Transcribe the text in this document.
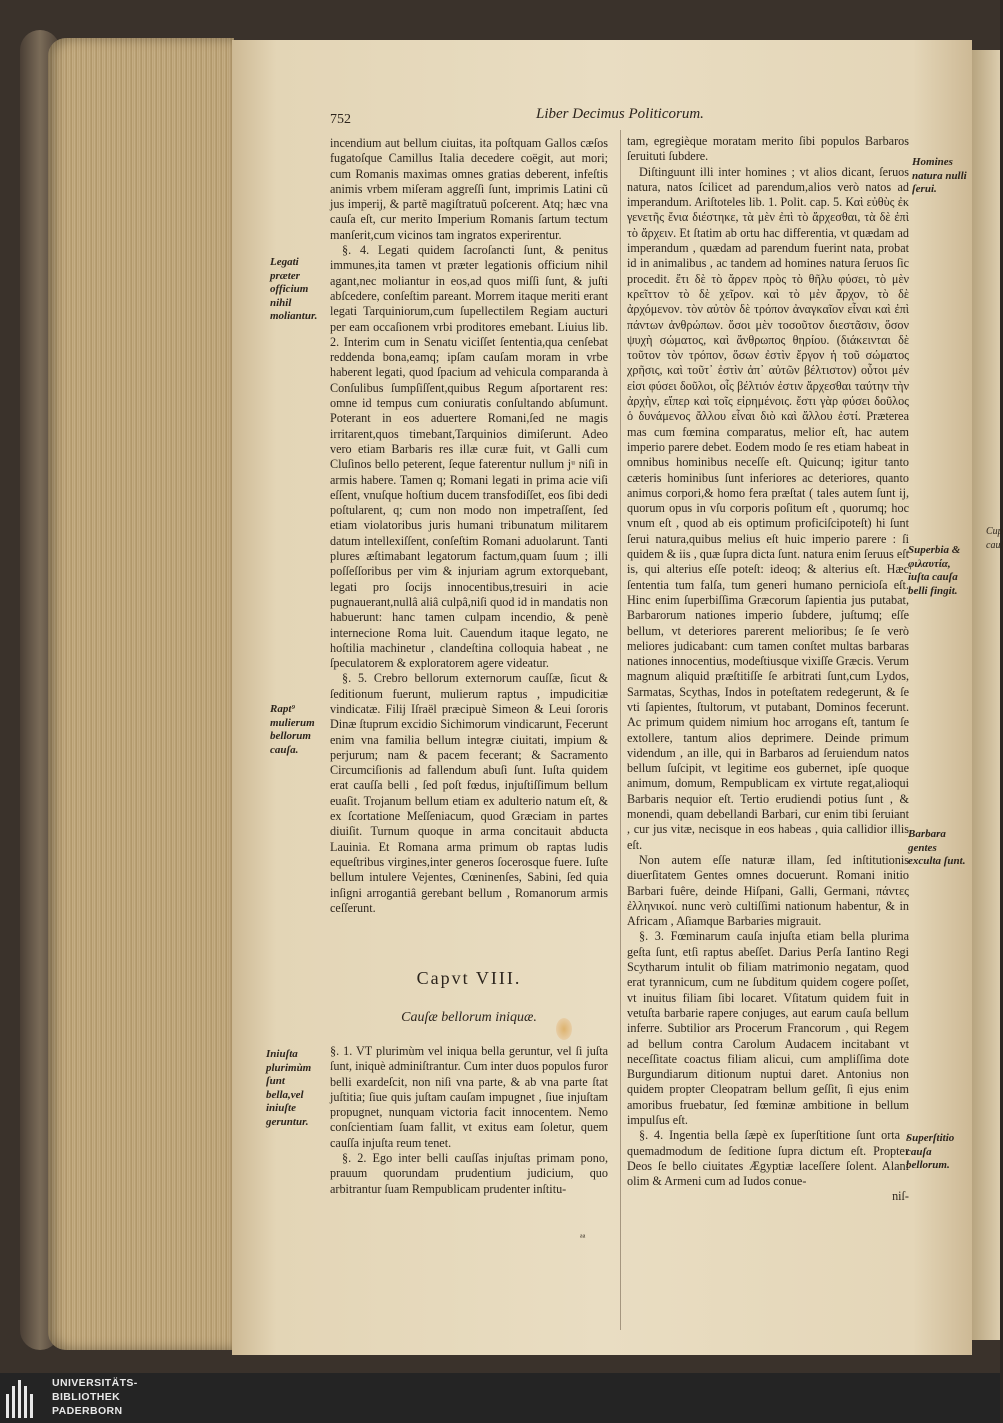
752	Liber Decimus Politicorum.

incendium aut bellum ciuitas, ita poſtquam Gallos cæſos fugatoſque Camillus Italia decedere coëgit, aut mori; cum Romanis maximas omnes gratias deberent, infeſtis animis vrbem miſeram aggreſſi ſunt, imprimis Latini cũ jus imperij, & partẽ magiſtratuũ poſcerent. Atq; hæc vna cauſa eſt, cur merito Imperium Romanis ſartum tectum manſerit,cum vicinos tam ingratos experirentur.

§. 4. Legati quidem ſacroſancti ſunt, & penitus immunes,ita tamen vt præter legationis officium nihil agant,nec moliantur in eos,ad quos miſſi ſunt, & juſti abſcedere, conſeſtim pareant. Morrem itaque meriti erant legati Tarquiniorum,cum ſupellectilem Regiam aucturi per eam occaſionem vrbi proditores emebant. Liuius lib. 2. Interim cum in Senatu viciſſet ſententia,qua cenſebat reddenda bona,eamq; ipſam cauſam moram in vrbe haberent legati, quod ſpacium ad vehicula comparanda à Conſulibus ſumpſiſſent,quibus Regum aſportarent res: omne id tempus cum coniuratis conſultando abſumunt. Poterant in eos aduertere Romani,ſed ne magis irritarent,quos timebant,Tarquinios dimiſerunt. Adeo vero etiam Barbaris res illæ curæ fuit, vt Galli cum Cluſinos bello peterent, ſeque faterentur nullum jᵘ niſi in armis habere. Tamen q; Romani legati in prima acie viſi eſſent, vnuſque hoſtium ducem transfodiſſet, eos ſibi dedi poſtularent, q; cum non modo non impetraſſent, ſed etiam violatoribus juris humani tribunatum militarem datum intellexiſſent, conſeſtim Romani aduolarunt. Tanti plures æſtimabant legatorum factum,quam ſuum ; illi poſſeſſoribus per vim & injuriam agrum extorquebant, legati pro ſocijs innocentibus,tresuiri in acie pugnauerant,nullâ aliâ culpâ,niſi quod id in mandatis non habuerunt: hanc tamen culpam incendio, & penè internecione Roma luit. Cauendum itaque legato, ne hoſtilia machinetur , clandeſtina colloquia habeat , ne ſpeculatorem & exploratorem agere videatur.

§. 5. Crebro bellorum externorum cauſſæ, ſicut & ſeditionum fuerunt, mulierum raptus , impudicitiæ vindicatæ. Filij Iſraël præcipuè Simeon & Leui ſororis Dinæ ſtuprum excidio Sichimorum vindicarunt, Fecerunt enim vna familia bellum integræ ciuitati, impium & perjurum; nam & pacem fecerant; & Sacramento Circumciſionis ad fallendum abuſi ſunt. Iuſta quidem erat cauſſa belli , ſed poſt fœdus, injuſtiſſimum bellum euaſit. Trojanum bellum etiam ex adulterio natum eſt, & ex ſcortatione Meſſeniacum, quod Græciam in partes diuiſit. Turnum quoque in arma concitauit abducta Lauinia. Et Romana arma primum ob raptas ludis equeſtribus virgines,inter generos ſocerosque fuere. Iuſte bellum intulere Vejentes, Cœninenſes, Sabini, ſed quia inſigni arrogantiâ gerebant bellum , Romanorum armis ceſſerunt.

Capvt VIII.
Cauſæ bellorum iniquæ.

§. 1. VT plurimùm vel iniqua bella geruntur, vel ſi juſta ſunt, iniquè adminiſtrantur. Cum inter duos populos furor belli exardeſcit, non niſi vna parte, & ab vna parte ſtat juſtitia; ſiue quis juſtam cauſam impugnet , ſiue injuſtam propugnet, nunquam victoria facit innocentem. Nemo conſcientiam ſuam fallit, vt exitus eam ſoletur, quem cauſſa injuſta reum tenet.

§. 2. Ego inter belli cauſſas injuſtas primam pono, prauum quorundam prudentium judicium, quo arbitrantur ſuam Rempublicam prudenter inſtitu-

tam, egregièque moratam merito ſibi populos Barbaros ſeruituti ſubdere.

Diſtinguunt illi inter homines ; vt alios dicant, ſeruos natura, natos ſcilicet ad parendum,alios verò natos ad imperandum. Ariſtoteles lib. 1. Polit. cap. 5. Καὶ εὐθὺς ἐκ γενετῆς ἔνια διέστηκε, τὰ μὲν ἐπὶ τὸ ἄρχεσθαι, τὰ δὲ ἐπὶ τὸ ἄρχειν. Et ſtatim ab ortu hac differentia, vt quædam ad imperandum , quædam ad parendum fuerint nata, probat id in animalibus , ac tandem ad homines natura ſeruos ſic procedit. ἔτι δὲ τὸ ἄρρεν πρὸς τὸ θῆλυ φύσει, τὸ μὲν κρεῖττον τὸ δὲ χεῖρον. καὶ τὸ μὲν ἄρχον, τὸ δὲ ἀρχόμενον. τὸν αὐτὸν δὲ τρόπον ἀναγκαῖον εἶναι καὶ ἐπὶ πάντων ἀνθρώπων. ὅσοι μὲν τοσοῦτον διεστᾶσιν, ὅσον ψυχὴ σώματος, καὶ ἄνθρωπος θηρίου. (διάκεινται δὲ τοῦτον τὸν τρόπον, ὅσων ἐστὶν ἔργον ἡ τοῦ σώματος χρῆσις, καὶ τοῦτ᾽ ἐστὶν ἀπ᾽ αὐτῶν βέλτιστον) οὗτοι μέν εἰσι φύσει δοῦλοι, οἷς βέλτιόν ἐστιν ἄρχεσθαι ταύτην τὴν ἀρχὴν, εἴπερ καὶ τοῖς εἰρημένοις. ἔστι γὰρ φύσει δοῦλος ὁ δυνάμενος ἄλλου εἶναι διὸ καὶ ἄλλου ἐστί. Præterea mas cum fœmina comparatus, melior eſt, hac autem imperio parere debet. Eodem modo ſe res etiam habeat in omnibus hominibus neceſſe eſt. Quicunq; igitur tanto cæteris hominibus ſunt inferiores ac deteriores, quanto animus corpori,& homo fera præſtat ( tales autem ſunt ij, quorum opus in vſu corporis poſitum eſt , quorumq; hoc vnum eſt , quod ab eis optimum proficiſcipoteſt) hi ſunt ſerui natura,quibus melius eſt huic imperio parere : ſi quidem & iis , quæ ſupra dicta ſunt. natura enim ſeruus eſt is, qui alterius eſſe poteſt: ideoq; & alterius eſt. Hæc ſententia tum falſa, tum generi humano pernicioſa eſt. Hinc enim ſuperbiſſima Græcorum ſapientia jus putabat, Barbarorum nationes imperio ſubdere, juſtumq; eſſe bellum, vt deteriores parerent melioribus; ſe ſe verò meliores judicabant: cum tamen conſtet multas barbaras nationes innocentius, modeſtiusque vixiſſe Græcis. Verum magnum aliquid præſtitiſſe ſe arbitrati ſunt,cum Lydos, Sarmatas, Scythas, Indos in poteſtatem redegerunt, & ſe vti ſapientes, ſtultorum, vt putabant, Dominos fecerunt. Ac primum quidem nimium hoc arrogans eſt, tantum ſe extollere, tantum alios deprimere. Deinde primum videndum , an ille, qui in Barbaros ad ſeruiendum natos bellum ſuſcipit, vt legitime eos gubernet, ipſe quoque animum, domum, Rempublicam ex virtute regat,alioqui Barbaris nequior eſt. Tertio erudiendi potius ſunt , & monendi, quam debellandi Barbari, cur enim tibi ſeruiant , cur jus vitæ, necisque in eos habeas , quia callidior illis eſt.

Non autem eſſe naturæ illam, ſed inſtitutionis diuerſitatem Gentes omnes docuerunt. Romani initio Barbari fuêre, deinde Hiſpani, Galli, Germani, πάντες ἐλληνικοί. nunc verò cultiſſimi nationum habentur, & in Africam , Aſiamque Barbaries migrauit.

§. 3. Fœminarum cauſa injuſta etiam bella plurima geſta ſunt, etſi raptus abeſſet. Darius Perſa Iantino Regi Scytharum intulit ob filiam matrimonio negatam, quod erat tyrannicum, cum ne ſubditum quidem cogere poſſet, vt inuitus filiam ſibi locaret. Vſitatum quidem fuit in vetuſta barbarie rapere conjuges, aut earum cauſa bellum inferre. Subtilior ars Procerum Francorum , qui Regem ad bellum contra Carolum Audacem incitabant vt neceſſitate coactus filiam alicui, cum ampliſſima dote Burgundiarum ditionum nuptui daret. Antonius non quidem propter Cleopatram bellum geſſit, ſi ejus enim amoribus fruebatur, ſed fœminæ ambitione in bellum impulſus eſt.

§. 4. Ingentia bella ſæpè ex ſuperſtitione ſunt orta , quemadmodum de ſeditione ſupra dictum eſt. Propter Deos ſe bello ciuitates Ægyptiæ laceſſere ſolent. Alani olim & Armeni cum ad Iudos conue-

niſ-

Legati præter officium nihil moliantur.
Rapt⁹ mulierum bellorum cauſa.
Iniuſta plurimùm ſunt bella,vel iniuſte geruntur.
Homines natura nulli ſerui.
Superbia & φιλαυτία, iuſta cauſa belli fingit.
Barbara gentes exculta ſunt.
Superſtitio cauſa bellorum.
Cup
cauſ
ᵃᵃ
UNIVERSITÄTS-
BIBLIOTHEK
PADERBORN
